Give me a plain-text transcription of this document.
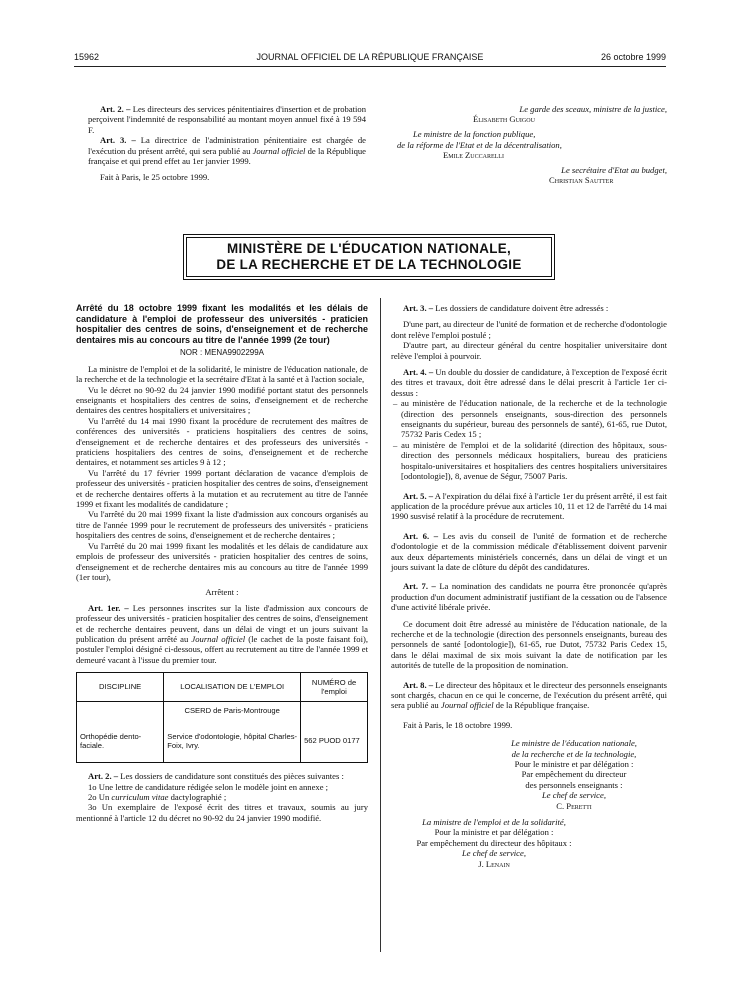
15962	JOURNAL OFFICIEL DE LA RÉPUBLIQUE FRANÇAISE	26 octobre 1999

Art. 2. – Les directeurs des services pénitentiaires d'insertion et de probation perçoivent l'indemnité de responsabilité au montant moyen annuel fixé à 19 594 F.

Art. 3. – La directrice de l'administration pénitentiaire est chargée de l'exécution du présent arrêté, qui sera publié au Journal officiel de la République française et qui prend effet au 1er janvier 1999.

Fait à Paris, le 25 octobre 1999.

Le garde des sceaux, ministre de la justice,

Élisabeth Guigou

Le ministre de la fonction publique,

de la réforme de l'Etat et de la décentralisation,

Emile Zuccarelli

Le secrétaire d'Etat au budget,

Christian Sautter

MINISTÈRE DE L'ÉDUCATION NATIONALE,
DE LA RECHERCHE ET DE LA TECHNOLOGIE

Arrêté du 18 octobre 1999 fixant les modalités et les délais de candidature à l'emploi de professeur des universités - praticien hospitalier des centres de soins, d'enseignement et de recherche dentaires mis au concours au titre de l'année 1999 (2e tour)

NOR : MENA9902299A

La ministre de l'emploi et de la solidarité, le ministre de l'éducation nationale, de la recherche et de la technologie et la secrétaire d'Etat à la santé et à l'action sociale,

Vu le décret no 90-92 du 24 janvier 1990 modifié portant statut des personnels enseignants et hospitaliers des centres de soins, d'enseignement et de recherche dentaires des centres hospitaliers et universitaires ;

Vu l'arrêté du 14 mai 1990 fixant la procédure de recrutement des maîtres de conférences des universités - praticiens hospitaliers des centres de soins, d'enseignement et de recherche dentaires et des professeurs des universités - praticiens hospitaliers des centres de soins, d'enseignement et de recherche dentaires, et notamment ses articles 9 à 12 ;

Vu l'arrêté du 17 février 1999 portant déclaration de vacance d'emplois de professeur des universités - praticien hospitalier des centres de soins, d'enseignement et de recherche dentaires offerts à la mutation et au recrutement au titre de l'année 1999 et fixant les modalités de candidature ;

Vu l'arrêté du 20 mai 1999 fixant la liste d'admission aux concours organisés au titre de l'année 1999 pour le recrutement de professeurs des universités - praticiens hospitaliers des centres de soins, d'enseignement et de recherche dentaires ;

Vu l'arrêté du 20 mai 1999 fixant les modalités et les délais de candidature aux emplois de professeur des universités - praticien hospitalier des centres de soins, d'enseignement et de recherche dentaires mis au concours au titre de l'année 1999 (1er tour),

Arrêtent :

Art. 1er. – Les personnes inscrites sur la liste d'admission aux concours de professeur des universités - praticien hospitalier des centres de soins, d'enseignement et de recherche dentaires peuvent, dans un délai de vingt et un jours suivant la publication du présent arrêté au Journal officiel (le cachet de la poste faisant foi), postuler l'emploi désigné ci-dessous, offert au recrutement au titre de l'année 1999 et demeuré vacant à l'issue du premier tour.

DISCIPLINE	LOCALISATION DE L'EMPLOI	NUMÉRO de l'emploi
	CSERD de Paris-Montrouge	
Orthopédie dento-faciale.	Service d'odontologie, hôpital Charles-Foix, Ivry.	562 PUOD 0177

Art. 2. – Les dossiers de candidature sont constitués des pièces suivantes :

1o Une lettre de candidature rédigée selon le modèle joint en annexe ;

2o Un curriculum vitae dactylographié ;

3o Un exemplaire de l'exposé écrit des titres et travaux, soumis au jury mentionné à l'article 12 du décret no 90-92 du 24 janvier 1990 modifié.

Art. 3. – Les dossiers de candidature doivent être adressés :

D'une part, au directeur de l'unité de formation et de recherche d'odontologie dont relève l'emploi postulé ;

D'autre part, au directeur général du centre hospitalier universitaire dont relève l'emploi à pourvoir.

Art. 4. – Un double du dossier de candidature, à l'exception de l'exposé écrit des titres et travaux, doit être adressé dans le délai prescrit à l'article 1er ci-dessus :

– au ministère de l'éducation nationale, de la recherche et de la technologie (direction des personnels enseignants, sous-direction des personnels enseignants du supérieur, bureau des personnels de santé), 61-65, rue Dutot, 75732 Paris Cedex 15 ;
– au ministère de l'emploi et de la solidarité (direction des hôpitaux, sous-direction des personnels médicaux hospitaliers, bureau des praticiens hospitalo-universitaires et hospitaliers des centres hospitaliers universitaires [odontologie]), 8, avenue de Ségur, 75007 Paris.

Art. 5. – A l'expiration du délai fixé à l'article 1er du présent arrêté, il est fait application de la procédure prévue aux articles 10, 11 et 12 de l'arrêté du 14 mai 1990 susvisé relatif à la procédure de recrutement.

Art. 6. – Les avis du conseil de l'unité de formation et de recherche d'odontologie et de la commission médicale d'établissement doivent parvenir aux deux départements ministériels concernés, dans un délai de vingt et un jours suivant la date de clôture du dépôt des candidatures.

Art. 7. – La nomination des candidats ne pourra être prononcée qu'après production d'un document administratif justifiant de la cessation ou de l'absence d'une activité libérale privée.

Ce document doit être adressé au ministère de l'éducation nationale, de la recherche et de la technologie (direction des personnels enseignants, bureau des personnels de santé [odontologie]), 61-65, rue Dutot, 75732 Paris Cedex 15, dans le délai maximal de six mois suivant la date de notification par les autorités de tutelle de la proposition de nomination.

Art. 8. – Le directeur des hôpitaux et le directeur des personnels enseignants sont chargés, chacun en ce qui le concerne, de l'exécution du présent arrêté, qui sera publié au Journal officiel de la République française.

Fait à Paris, le 18 octobre 1999.

Le ministre de l'éducation nationale,

de la recherche et de la technologie,

Pour le ministre et par délégation :

Par empêchement du directeur

des personnels enseignants :

Le chef de service,

C. Peretti

La ministre de l'emploi et de la solidarité,

Pour la ministre et par délégation :

Par empêchement du directeur des hôpitaux :

Le chef de service,

J. Lenain
